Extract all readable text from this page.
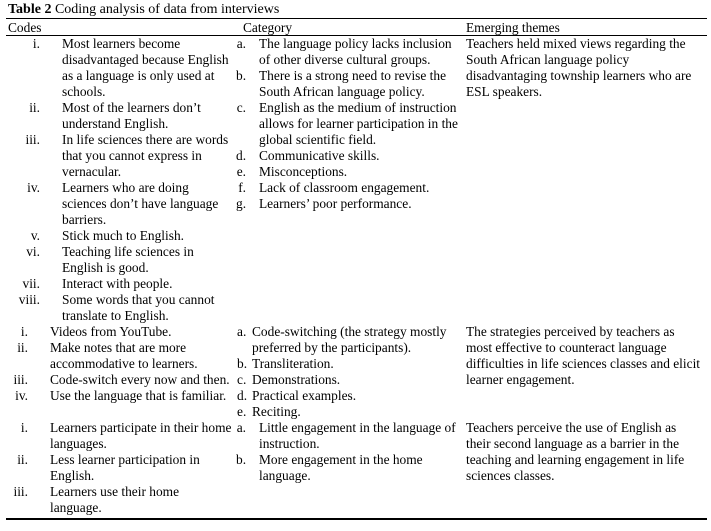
Table 2 Coding analysis of data from interviews
Codes	Category	Emerging themes
i. Most learners become disadvantaged because English as a language is only used at schools.
ii. Most of the learners don’t understand English.
iii. In life sciences there are words that you cannot express in vernacular.
iv. Learners who are doing sciences don’t have language barriers.
v. Stick much to English.
vi. Teaching life sciences in English is good.
vii. Interact with people.
viii. Some words that you cannot translate to English.
a. The language policy lacks inclusion of other diverse cultural groups.
b. There is a strong need to revise the South African language policy.
c. English as the medium of instruction allows for learner participation in the global scientific field.
d. Communicative skills.
e. Misconceptions.
f. Lack of classroom engagement.
g. Learners’ poor performance.
Teachers held mixed views regarding the South African language policy disadvantaging township learners who are ESL speakers.
i. Videos from YouTube.
ii. Make notes that are more accommodative to learners.
iii. Code-switch every now and then.
iv. Use the language that is familiar.
a. Code-switching (the strategy mostly preferred by the participants).
b. Transliteration.
c. Demonstrations.
d. Practical examples.
e. Reciting.
The strategies perceived by teachers as most effective to counteract language difficulties in life sciences classes and elicit learner engagement.
i. Learners participate in their home languages.
ii. Less learner participation in English.
iii. Learners use their home language.
a. Little engagement in the language of instruction.
b. More engagement in the home language.
Teachers perceive the use of English as their second language as a barrier in the teaching and learning engagement in life sciences classes.
